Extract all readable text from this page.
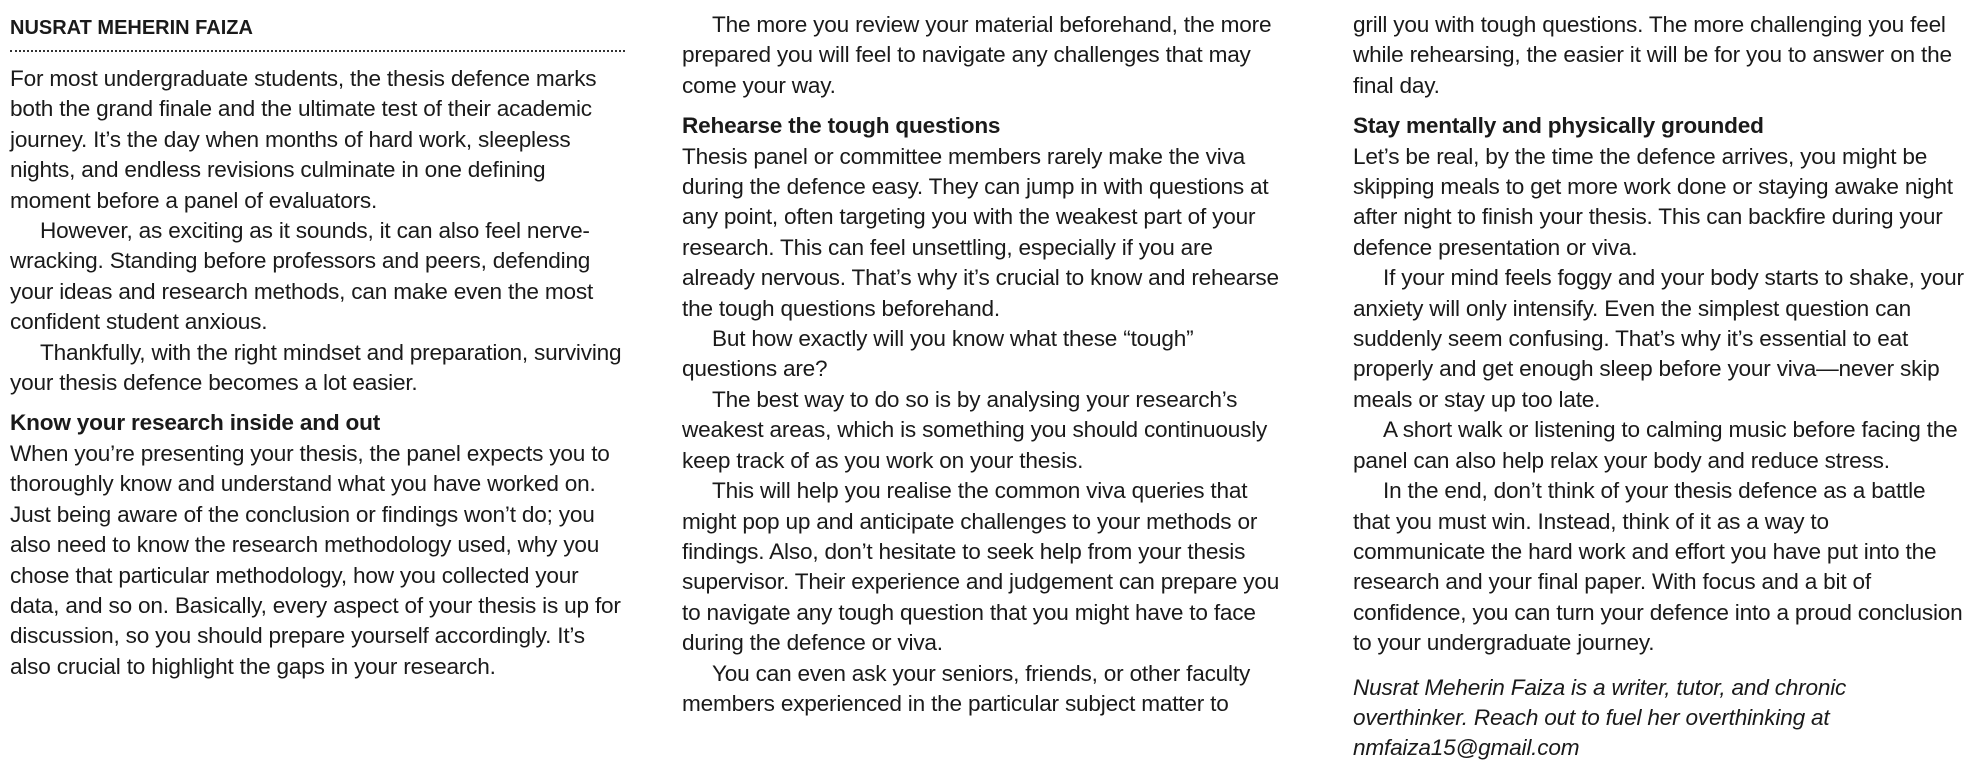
NUSRAT MEHERIN FAIZA

For most undergraduate students, the thesis defence marks both the grand finale and the ultimate test of their academic journey. It’s the day when months of hard work, sleepless nights, and endless revisions culminate in one defining moment before a panel of evaluators.

However, as exciting as it sounds, it can also feel nerve-wracking. Standing before professors and peers, defending your ideas and research methods, can make even the most confident student anxious.

Thankfully, with the right mindset and preparation, surviving your thesis defence becomes a lot easier.

Know your research inside and out

When you’re presenting your thesis, the panel expects you to thoroughly know and understand what you have worked on. Just being aware of the conclusion or findings won’t do; you also need to know the research methodology used, why you chose that particular methodology, how you collected your data, and so on. Basically, every aspect of your thesis is up for discussion, so you should prepare yourself accordingly. It’s also crucial to highlight the gaps in your research.

The more you review your material beforehand, the more prepared you will feel to navigate any challenges that may come your way.

Rehearse the tough questions

Thesis panel or committee members rarely make the viva during the defence easy. They can jump in with questions at any point, often targeting you with the weakest part of your research. This can feel unsettling, especially if you are already nervous. That’s why it’s crucial to know and rehearse the tough questions beforehand.

But how exactly will you know what these “tough” questions are?

The best way to do so is by analysing your research’s weakest areas, which is something you should continuously keep track of as you work on your thesis.

This will help you realise the common viva queries that might pop up and anticipate challenges to your methods or findings. Also, don’t hesitate to seek help from your thesis supervisor. Their experience and judgement can prepare you to navigate any tough question that you might have to face during the defence or viva.

You can even ask your seniors, friends, or other faculty members experienced in the particular subject matter to

grill you with tough questions. The more challenging you feel while rehearsing, the easier it will be for you to answer on the final day.

Stay mentally and physically grounded

Let’s be real, by the time the defence arrives, you might be skipping meals to get more work done or staying awake night after night to finish your thesis. This can backfire during your defence presentation or viva.

If your mind feels foggy and your body starts to shake, your anxiety will only intensify. Even the simplest question can suddenly seem confusing. That’s why it’s essential to eat properly and get enough sleep before your viva—never skip meals or stay up too late.

A short walk or listening to calming music before facing the panel can also help relax your body and reduce stress.

In the end, don’t think of your thesis defence as a battle that you must win. Instead, think of it as a way to communicate the hard work and effort you have put into the research and your final paper. With focus and a bit of confidence, you can turn your defence into a proud conclusion to your undergraduate journey.

Nusrat Meherin Faiza is a writer, tutor, and chronic overthinker. Reach out to fuel her overthinking at nmfaiza15@gmail.com
